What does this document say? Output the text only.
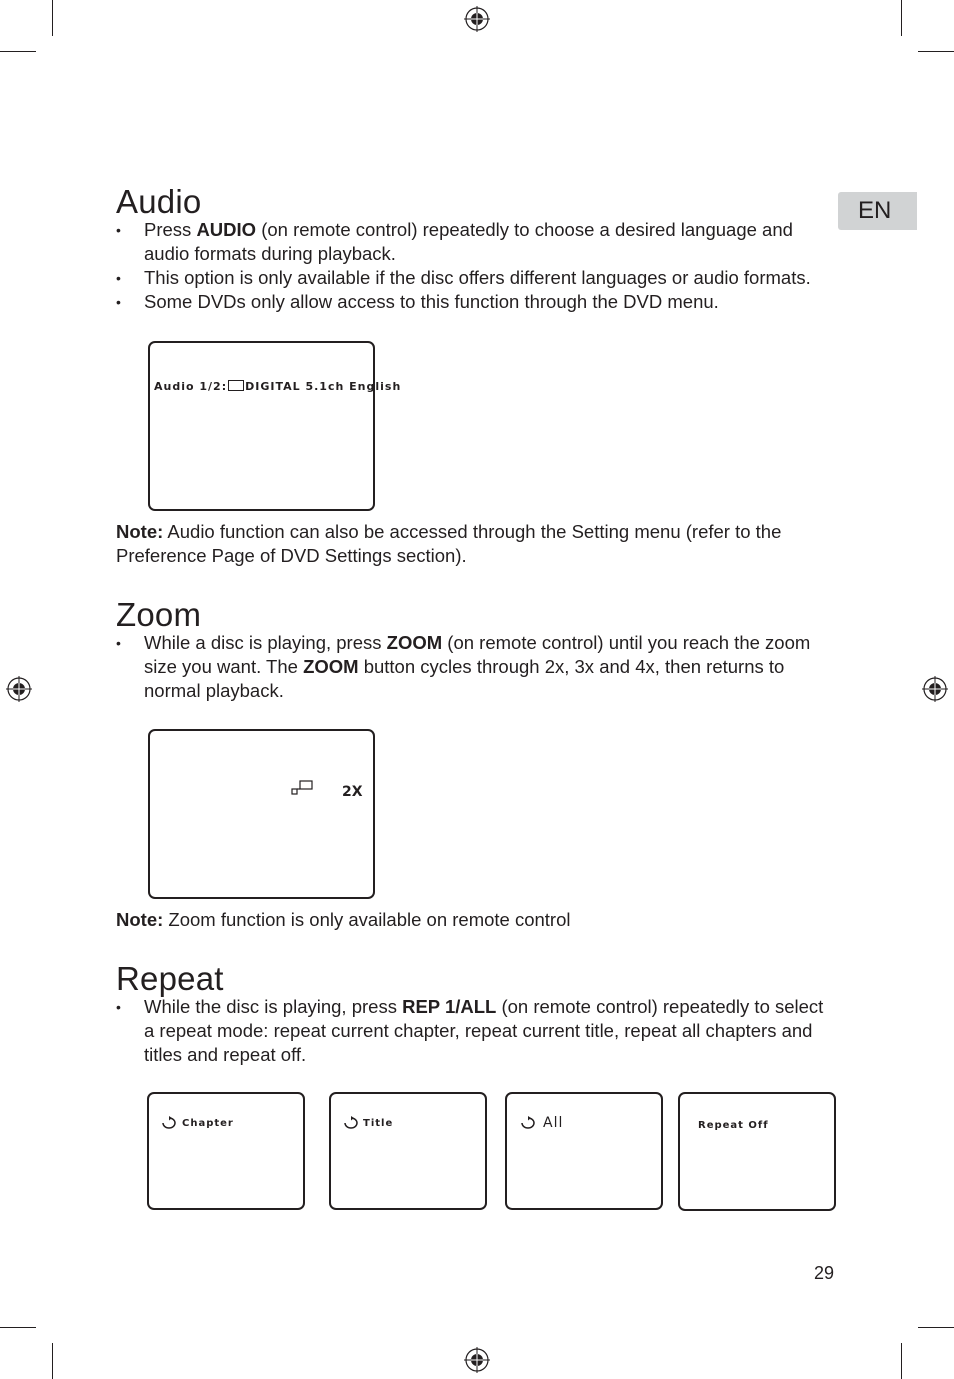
EN
Audio
• Press AUDIO (on remote control) repeatedly to choose a desired language and audio formats during playback.
• This option is only available if the disc offers different languages or audio formats.
• Some DVDs only allow access to this function through the DVD menu.
Audio 1/2: DIGITAL 5.1ch English

Note: Audio function can also be accessed through the Setting menu (refer to the Preference Page of DVD Settings section).

Zoom
• While a disc is playing, press ZOOM (on remote control) until you reach the zoom size you want. The ZOOM button cycles through 2x, 3x and 4x, then returns to normal playback.
2X

Note: Zoom function is only available on remote control

Repeat
• While the disc is playing, press REP 1/ALL (on remote control) repeatedly to select a repeat mode: repeat current chapter, repeat current title, repeat all chapters and titles and repeat off.
Chapter	Title	All	Repeat Off
29
